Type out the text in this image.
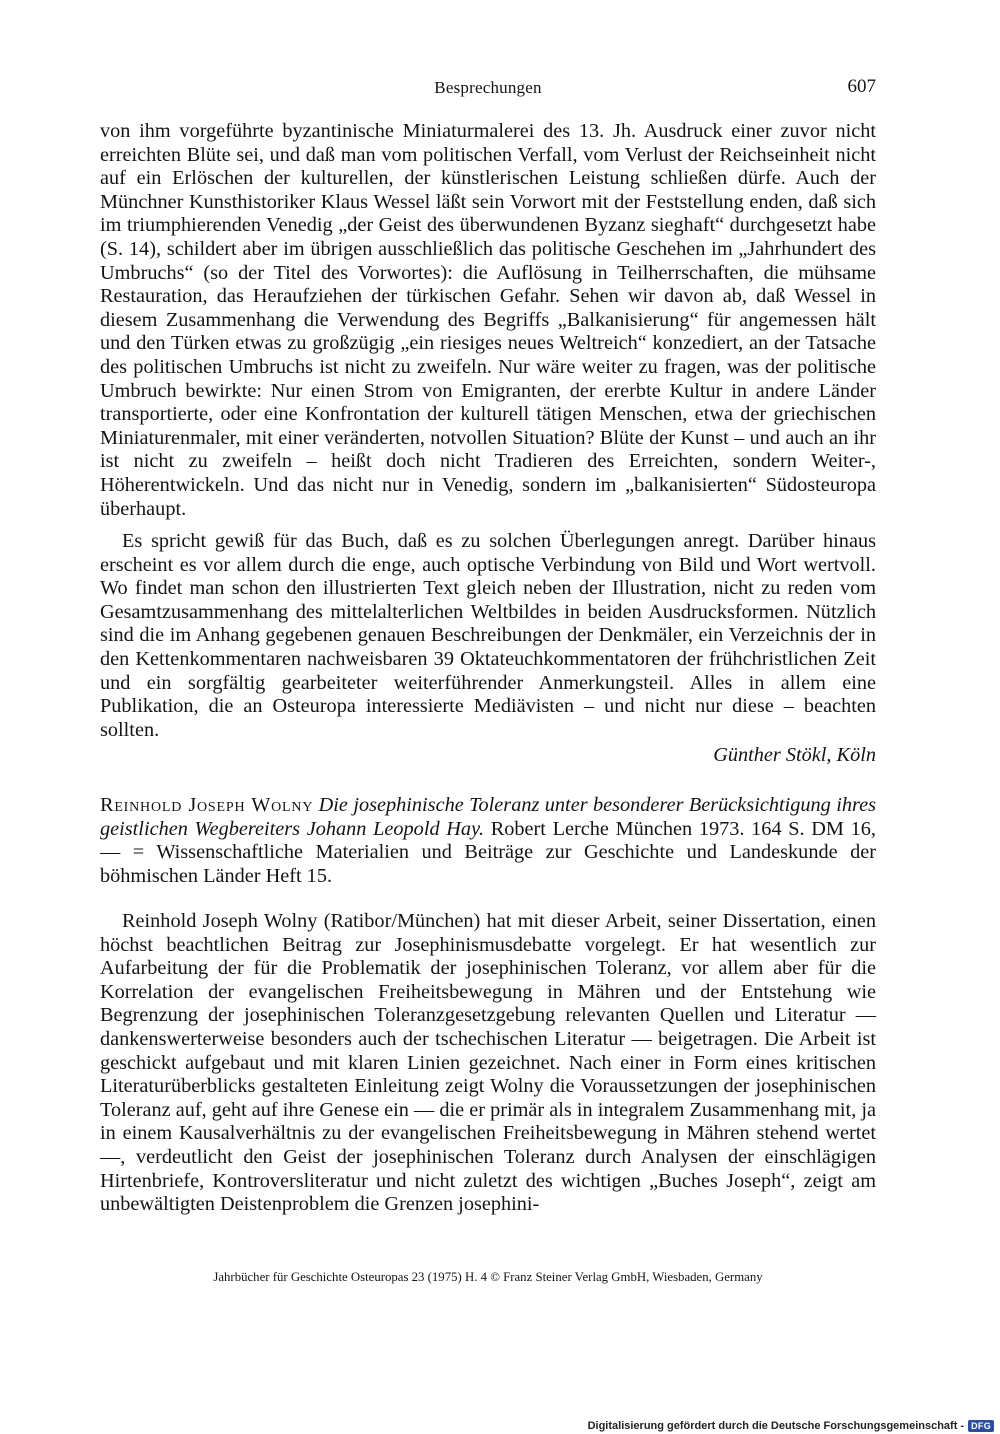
Besprechungen	607

von ihm vorgeführte byzantinische Miniaturmalerei des 13. Jh. Ausdruck einer zuvor nicht erreichten Blüte sei, und daß man vom politischen Verfall, vom Verlust der Reichseinheit nicht auf ein Erlöschen der kulturellen, der künstlerischen Leistung schließen dürfe. Auch der Münchner Kunsthistoriker Klaus Wessel läßt sein Vorwort mit der Feststellung enden, daß sich im triumphierenden Venedig „der Geist des überwundenen Byzanz sieghaft“ durchgesetzt habe (S. 14), schildert aber im übrigen ausschließlich das politische Geschehen im „Jahrhundert des Umbruchs“ (so der Titel des Vorwortes): die Auflösung in Teilherrschaften, die mühsame Restauration, das Heraufziehen der türkischen Gefahr. Sehen wir davon ab, daß Wessel in diesem Zusammenhang die Verwendung des Begriffs „Balkanisierung“ für angemessen hält und den Türken etwas zu großzügig „ein riesiges neues Weltreich“ konzediert, an der Tatsache des politischen Umbruchs ist nicht zu zweifeln. Nur wäre weiter zu fragen, was der politische Umbruch bewirkte: Nur einen Strom von Emigranten, der ererbte Kultur in andere Länder transportierte, oder eine Konfrontation der kulturell tätigen Menschen, etwa der griechischen Miniaturenmaler, mit einer veränderten, notvollen Situation? Blüte der Kunst – und auch an ihr ist nicht zu zweifeln – heißt doch nicht Tradieren des Erreichten, sondern Weiter-, Höherentwickeln. Und das nicht nur in Venedig, sondern im „balkanisierten“ Südosteuropa überhaupt.

Es spricht gewiß für das Buch, daß es zu solchen Überlegungen anregt. Darüber hinaus erscheint es vor allem durch die enge, auch optische Verbindung von Bild und Wort wertvoll. Wo findet man schon den illustrierten Text gleich neben der Illustration, nicht zu reden vom Gesamtzusammenhang des mittelalterlichen Weltbildes in beiden Ausdrucksformen. Nützlich sind die im Anhang gegebenen genauen Beschreibungen der Denkmäler, ein Verzeichnis der in den Kettenkommentaren nachweisbaren 39 Oktateuchkommentatoren der frühchristlichen Zeit und ein sorgfältig gearbeiteter weiterführender Anmerkungsteil. Alles in allem eine Publikation, die an Osteuropa interessierte Mediävisten – und nicht nur diese – beachten sollten.

Günther Stökl, Köln

Reinhold Joseph Wolny Die josephinische Toleranz unter besonderer Berücksichtigung ihres geistlichen Wegbereiters Johann Leopold Hay. Robert Lerche München 1973. 164 S. DM 16,— = Wissenschaftliche Materialien und Beiträge zur Geschichte und Landeskunde der böhmischen Länder Heft 15.

Reinhold Joseph Wolny (Ratibor/München) hat mit dieser Arbeit, seiner Dissertation, einen höchst beachtlichen Beitrag zur Josephinismusdebatte vorgelegt. Er hat wesentlich zur Aufarbeitung der für die Problematik der josephinischen Toleranz, vor allem aber für die Korrelation der evangelischen Freiheitsbewegung in Mähren und der Entstehung wie Begrenzung der josephinischen Toleranzgesetzgebung relevanten Quellen und Literatur — dankenswerterweise besonders auch der tschechischen Literatur — beigetragen. Die Arbeit ist geschickt aufgebaut und mit klaren Linien gezeichnet. Nach einer in Form eines kritischen Literaturüberblicks gestalteten Einleitung zeigt Wolny die Voraussetzungen der josephinischen Toleranz auf, geht auf ihre Genese ein — die er primär als in integralem Zusammenhang mit, ja in einem Kausalverhältnis zu der evangelischen Freiheitsbewegung in Mähren stehend wertet —, verdeutlicht den Geist der josephinischen Toleranz durch Analysen der einschlägigen Hirtenbriefe, Kontroversliteratur und nicht zuletzt des wichtigen „Buches Joseph“, zeigt am unbewältigten Deistenproblem die Grenzen josephini-

Jahrbücher für Geschichte Osteuropas 23 (1975) H. 4 © Franz Steiner Verlag GmbH, Wiesbaden, Germany
Digitalisierung gefördert durch die Deutsche Forschungsgemeinschaft - DFG
